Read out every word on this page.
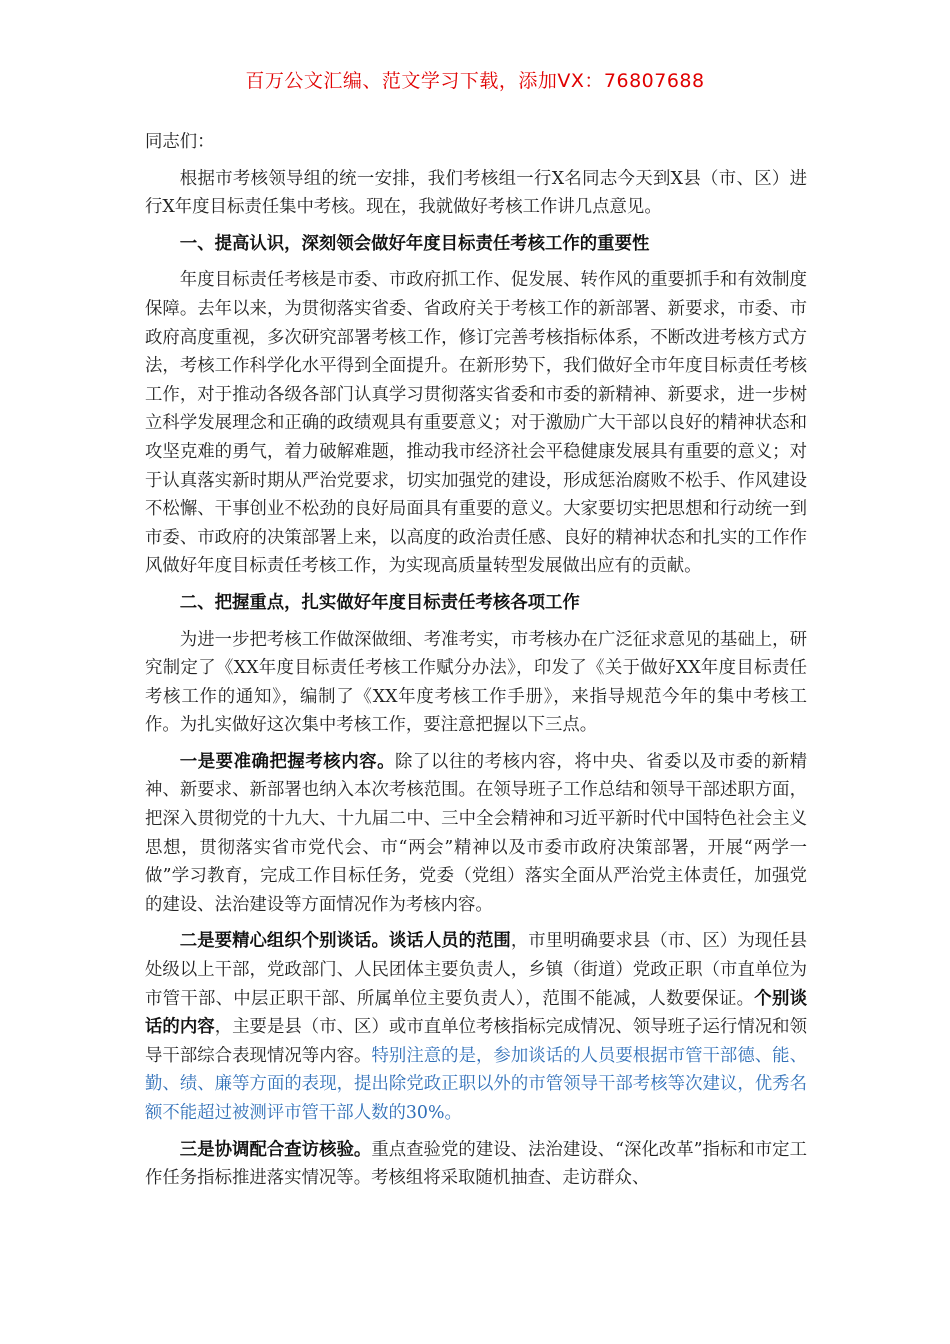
百万公文汇编、范文学习下载，添加VX：76807688

同志们：

根据市考核领导组的统一安排，我们考核组一行X名同志今天到X县（市、区）进行X年度目标责任集中考核。现在，我就做好考核工作讲几点意见。

一、提高认识，深刻领会做好年度目标责任考核工作的重要性

年度目标责任考核是市委、市政府抓工作、促发展、转作风的重要抓手和有效制度保障。去年以来，为贯彻落实省委、省政府关于考核工作的新部署、新要求，市委、市政府高度重视，多次研究部署考核工作，修订完善考核指标体系，不断改进考核方式方法，考核工作科学化水平得到全面提升。在新形势下，我们做好全市年度目标责任考核工作，对于推动各级各部门认真学习贯彻落实省委和市委的新精神、新要求，进一步树立科学发展理念和正确的政绩观具有重要意义；对于激励广大干部以良好的精神状态和攻坚克难的勇气，着力破解难题，推动我市经济社会平稳健康发展具有重要的意义；对于认真落实新时期从严治党要求，切实加强党的建设，形成惩治腐败不松手、作风建设不松懈、干事创业不松劲的良好局面具有重要的意义。大家要切实把思想和行动统一到市委、市政府的决策部署上来，以高度的政治责任感、良好的精神状态和扎实的工作作风做好年度目标责任考核工作，为实现高质量转型发展做出应有的贡献。

二、把握重点，扎实做好年度目标责任考核各项工作

为进一步把考核工作做深做细、考准考实，市考核办在广泛征求意见的基础上，研究制定了《XX年度目标责任考核工作赋分办法》，印发了《关于做好XX年度目标责任考核工作的通知》，编制了《XX年度考核工作手册》，来指导规范今年的集中考核工作。为扎实做好这次集中考核工作，要注意把握以下三点。

一是要准确把握考核内容。除了以往的考核内容，将中央、省委以及市委的新精神、新要求、新部署也纳入本次考核范围。在领导班子工作总结和领导干部述职方面，把深入贯彻党的十九大、十九届二中、三中全会精神和习近平新时代中国特色社会主义思想，贯彻落实省市党代会、市“两会”精神以及市委市政府决策部署，开展“两学一做”学习教育，完成工作目标任务，党委（党组）落实全面从严治党主体责任，加强党的建设、法治建设等方面情况作为考核内容。

二是要精心组织个别谈话。谈话人员的范围，市里明确要求县（市、区）为现任县处级以上干部，党政部门、人民团体主要负责人，乡镇（街道）党政正职（市直单位为市管干部、中层正职干部、所属单位主要负责人），范围不能减，人数要保证。个别谈话的内容，主要是县（市、区）或市直单位考核指标完成情况、领导班子运行情况和领导干部综合表现情况等内容。特别注意的是，参加谈话的人员要根据市管干部德、能、勤、绩、廉等方面的表现，提出除党政正职以外的市管领导干部考核等次建议，优秀名额不能超过被测评市管干部人数的30%。

三是协调配合查访核验。重点查验党的建设、法治建设、“深化改革”指标和市定工作任务指标推进落实情况等。考核组将采取随机抽查、走访群众、
